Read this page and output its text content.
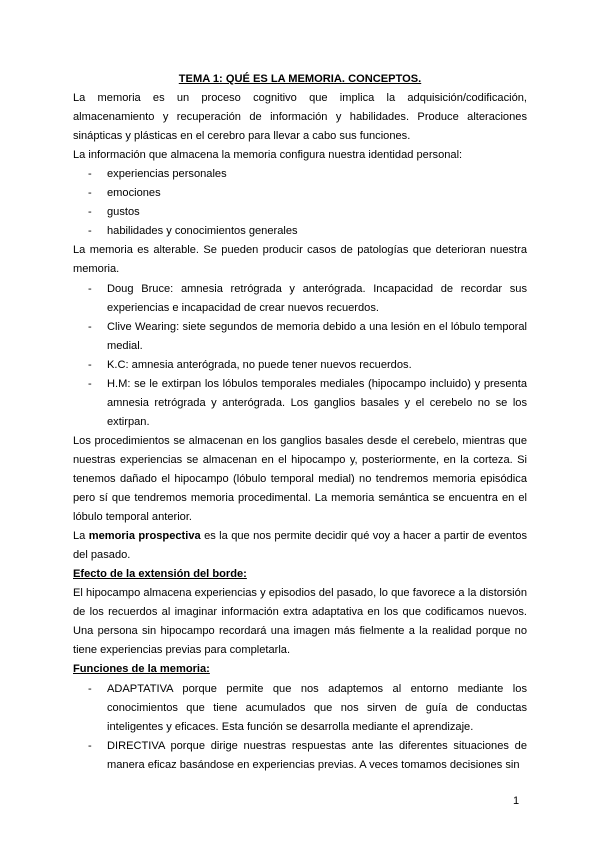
TEMA 1: QUÉ ES LA MEMORIA. CONCEPTOS.

La memoria es un proceso cognitivo que implica la adquisición/codificación, almacenamiento y recuperación de información y habilidades. Produce alteraciones sinápticas y plásticas en el cerebro para llevar a cabo sus funciones.

La información que almacena la memoria configura nuestra identidad personal:

- experiencias personales
- emociones
- gustos
- habilidades y conocimientos generales

La memoria es alterable. Se pueden producir casos de patologías que deterioran nuestra memoria.

- Doug Bruce: amnesia retrógrada y anterógrada. Incapacidad de recordar sus experiencias e incapacidad de crear nuevos recuerdos.
- Clive Wearing: siete segundos de memoria debido a una lesión en el lóbulo temporal medial.
- K.C: amnesia anterógrada, no puede tener nuevos recuerdos.
- H.M: se le extirpan los lóbulos temporales mediales (hipocampo incluido) y presenta amnesia retrógrada y anterógrada. Los ganglios basales y el cerebelo no se los extirpan.

Los procedimientos se almacenan en los ganglios basales desde el cerebelo, mientras que nuestras experiencias se almacenan en el hipocampo y, posteriormente, en la corteza. Si tenemos dañado el hipocampo (lóbulo temporal medial) no tendremos memoria episódica pero sí que tendremos memoria procedimental. La memoria semántica se encuentra en el lóbulo temporal anterior.

La memoria prospectiva es la que nos permite decidir qué voy a hacer a partir de eventos del pasado.

Efecto de la extensión del borde:

El hipocampo almacena experiencias y episodios del pasado, lo que favorece a la distorsión de los recuerdos al imaginar información extra adaptativa en los que codificamos nuevos. Una persona sin hipocampo recordará una imagen más fielmente a la realidad porque no tiene experiencias previas para completarla.

Funciones de la memoria:

- ADAPTATIVA porque permite que nos adaptemos al entorno mediante los conocimientos que tiene acumulados que nos sirven de guía de conductas inteligentes y eficaces. Esta función se desarrolla mediante el aprendizaje.
- DIRECTIVA porque dirige nuestras respuestas ante las diferentes situaciones de manera eficaz basándose en experiencias previas. A veces tomamos decisiones sin
1
